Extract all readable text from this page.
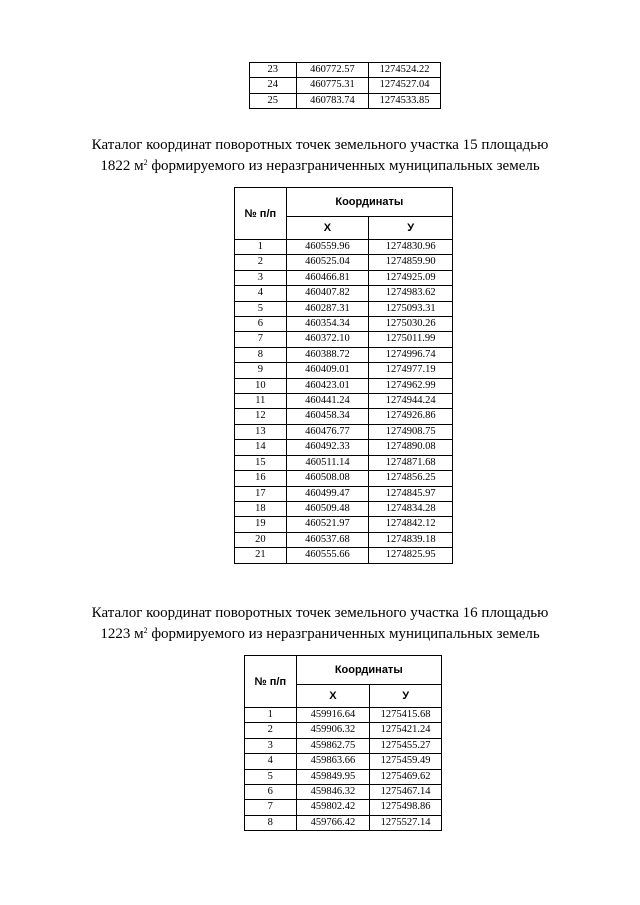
23	460772.57	1274524.22
24	460775.31	1274527.04
25	460783.74	1274533.85
Каталог координат поворотных точек земельного участка 15 площадью
1822 $м^2$ формируемого из неразграниченных муниципальных земель
№ п/п	Координаты	
	Х	У
1	460559.96	1274830.96
2	460525.04	1274859.90
3	460466.81	1274925.09
4	460407.82	1274983.62
5	460287.31	1275093.31
6	460354.34	1275030.26
7	460372.10	1275011.99
8	460388.72	1274996.74
9	460409.01	1274977.19
10	460423.01	1274962.99
11	460441.24	1274944.24
12	460458.34	1274926.86
13	460476.77	1274908.75
14	460492.33	1274890.08
15	460511.14	1274871.68
16	460508.08	1274856.25
17	460499.47	1274845.97
18	460509.48	1274834.28
19	460521.97	1274842.12
20	460537.68	1274839.18
21	460555.66	1274825.95
Каталог координат поворотных точек земельного участка 16 площадью
1223 $м^2$ формируемого из неразграниченных муниципальных земель
№ п/п	Координаты	
	Х	У
1	459916.64	1275415.68
2	459906.32	1275421.24
3	459862.75	1275455.27
4	459863.66	1275459.49
5	459849.95	1275469.62
6	459846.32	1275467.14
7	459802.42	1275498.86
8	459766.42	1275527.14
